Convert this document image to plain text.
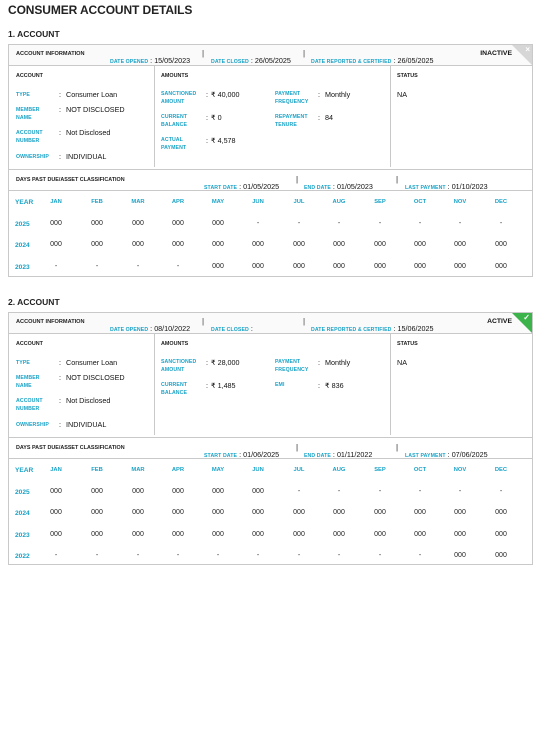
CONSUMER ACCOUNT DETAILS
1. ACCOUNT
ACCOUNT INFORMATION
DATE OPENED : 15/05/2023
|
DATE CLOSED : 26/05/2025
|
DATE REPORTED & CERTIFIED : 26/05/2025
INACTIVE ×
ACCOUNT
TYPE	: Consumer Loan
MEMBER NAME
: NOT DISCLOSED
ACCOUNT NUMBER
: Not Disclosed
OWNERSHIP	: INDIVIDUAL
AMOUNTS
SANCTIONED AMOUNT
: ₹ 40,000
CURRENT BALANCE
: ₹ 0
ACTUAL PAYMENT
: ₹ 4,578
PAYMENT FREQUENCY
: Monthly
REPAYMENT TENURE
: 84
STATUS
NA
DAYS PAST DUE/ASSET CLASSIFICATION
START DATE : 01/05/2025
|
END DATE : 01/05/2023
|
LAST PAYMENT : 01/10/2023
YEAR	JAN	FEB	MAR	APR	MAY	JUN	JUL	AUG	SEP	OCT	NOV	DEC
2025	000	000	000	000	000	-	-	-	-	-	-	-
2024	000	000	000	000	000	000	000	000	000	000	000	000
2023	-	-	-	-	000	000	000	000	000	000	000	000
2. ACCOUNT
ACCOUNT INFORMATION
DATE OPENED : 08/10/2022
|
DATE CLOSED :
|
DATE REPORTED & CERTIFIED : 15/06/2025
ACTIVE ✓
ACCOUNT
TYPE	: Consumer Loan
MEMBER NAME
: NOT DISCLOSED
ACCOUNT NUMBER
: Not Disclosed
OWNERSHIP	: INDIVIDUAL
AMOUNTS
SANCTIONED AMOUNT
: ₹ 28,000
CURRENT BALANCE
: ₹ 1,485
PAYMENT FREQUENCY
: Monthly
EMI	: ₹ 836
STATUS
NA
DAYS PAST DUE/ASSET CLASSIFICATION
START DATE : 01/06/2025
|
END DATE : 01/11/2022
|
LAST PAYMENT : 07/06/2025
YEAR	JAN	FEB	MAR	APR	MAY	JUN	JUL	AUG	SEP	OCT	NOV	DEC
2025	000	000	000	000	000	000	-	-	-	-	-	-
2024	000	000	000	000	000	000	000	000	000	000	000	000
2023	000	000	000	000	000	000	000	000	000	000	000	000
2022	-	-	-	-	-	-	-	-	-	-	000	000
